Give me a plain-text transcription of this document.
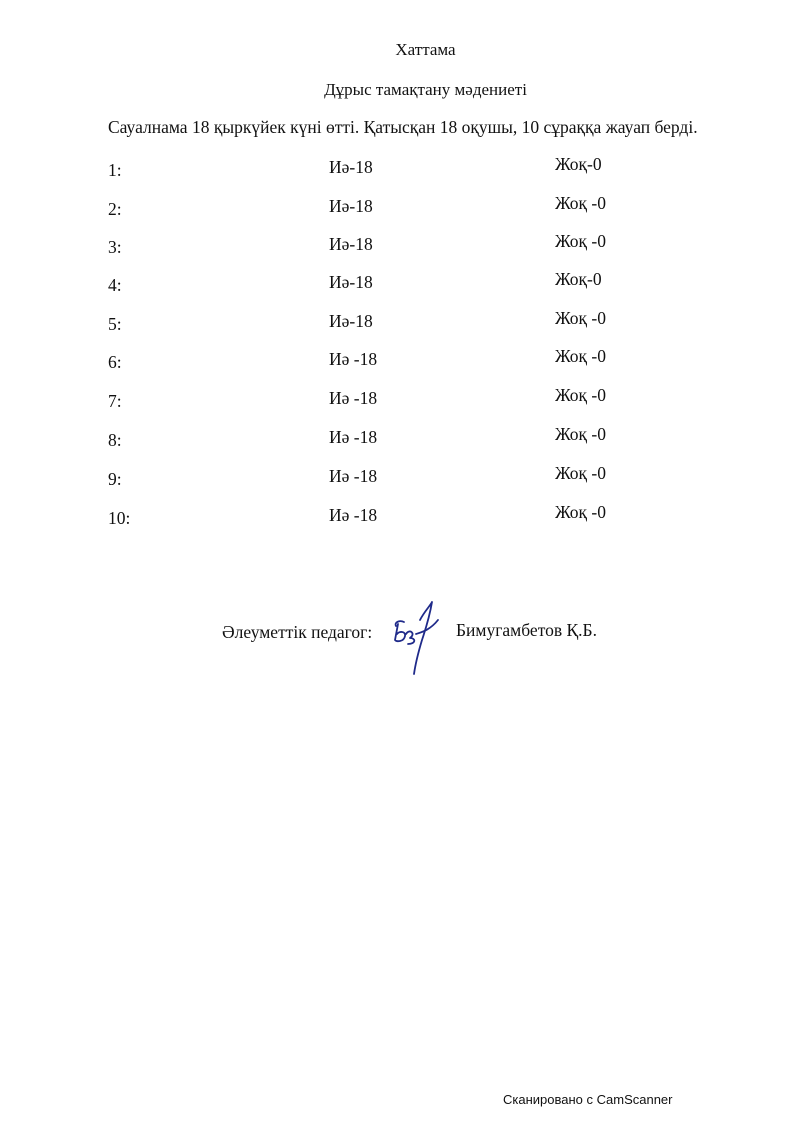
Хаттама
Дұрыс тамақтану мәдениеті
Сауалнама 18 қыркүйек күні өтті. Қатысқан 18 оқушы, 10 сұраққа жауап берді.
1:	Иә-18	Жоқ-0
2:	Иә-18	Жоқ -0
3:	Иә-18	Жоқ -0
4:	Иә-18	Жоқ-0
5:	Иә-18	Жоқ -0
6:	Иә -18	Жоқ -0
7:	Иә -18	Жоқ -0
8:	Иә -18	Жоқ -0
9:	Иә -18	Жоқ -0
10:	Иә -18	Жоқ -0
Әлеуметтік педагог:	Бимугамбетов Қ.Б.
Сканировано с CamScanner
